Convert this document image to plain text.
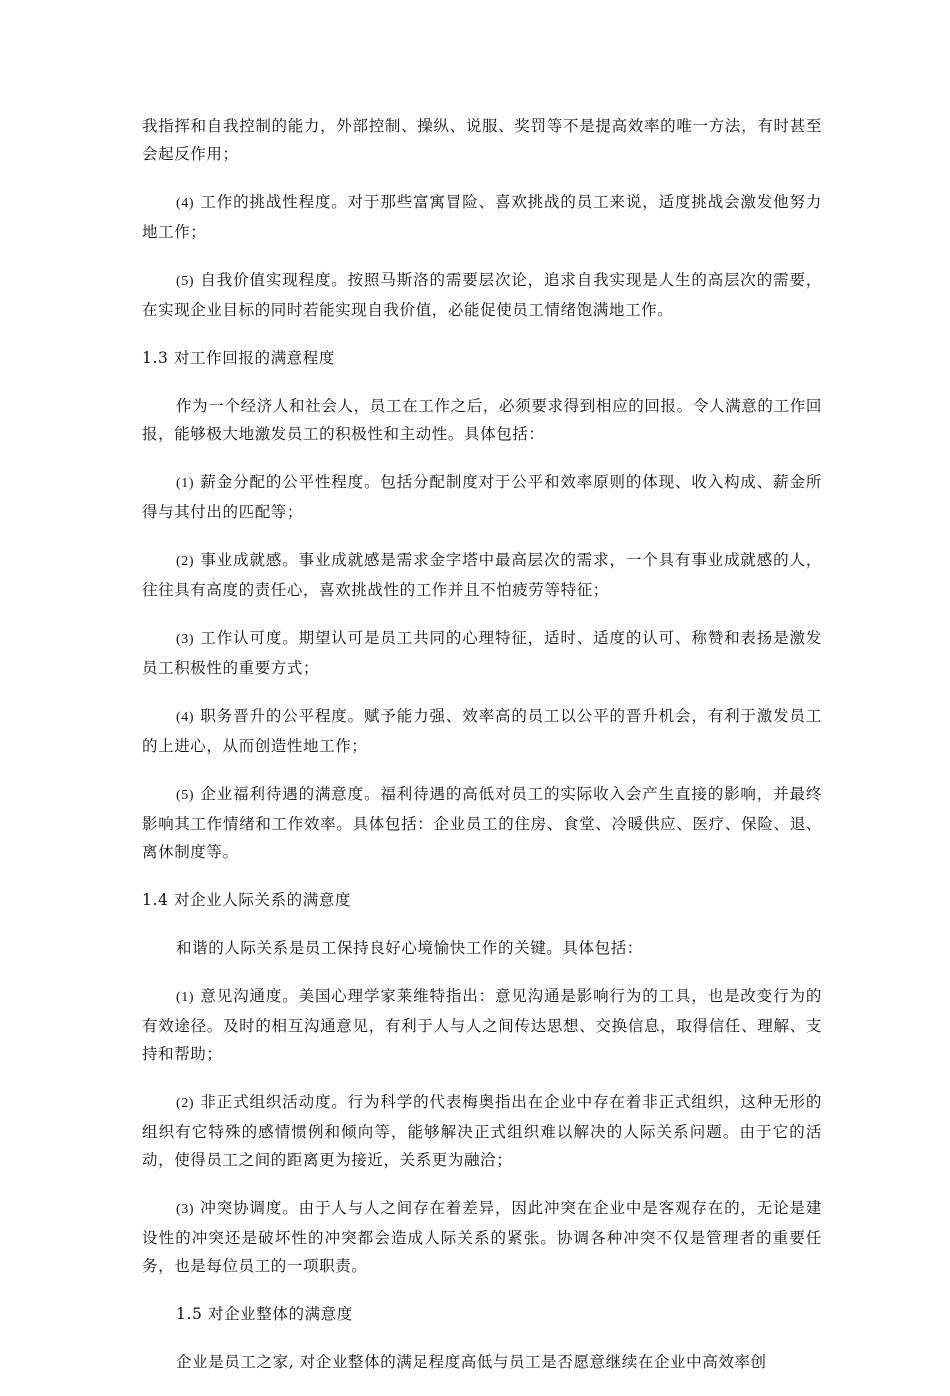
我指挥和自我控制的能力，外部控制、操纵、说服、奖罚等不是提高效率的唯一方法，有时甚至会起反作用；

(4) 工作的挑战性程度。对于那些富寓冒险、喜欢挑战的员工来说，适度挑战会激发他努力地工作；

(5) 自我价值实现程度。按照马斯洛的需要层次论，追求自我实现是人生的高层次的需要，在实现企业目标的同时若能实现自我价值，必能促使员工情绪饱满地工作。

1.3 对工作回报的满意程度

作为一个经济人和社会人，员工在工作之后，必须要求得到相应的回报。令人满意的工作回报，能够极大地激发员工的积极性和主动性。具体包括：

(1) 薪金分配的公平性程度。包括分配制度对于公平和效率原则的体现、收入构成、薪金所得与其付出的匹配等；

(2) 事业成就感。事业成就感是需求金字塔中最高层次的需求，一个具有事业成就感的人，往往具有高度的责任心，喜欢挑战性的工作并且不怕疲劳等特征；

(3) 工作认可度。期望认可是员工共同的心理特征，适时、适度的认可、称赞和表扬是激发员工积极性的重要方式；

(4) 职务晋升的公平程度。赋予能力强、效率高的员工以公平的晋升机会，有利于激发员工的上进心，从而创造性地工作；

(5) 企业福利待遇的满意度。福利待遇的高低对员工的实际收入会产生直接的影响，并最终影响其工作情绪和工作效率。具体包括：企业员工的住房、食堂、冷暖供应、医疗、保险、退、离休制度等。

1.4 对企业人际关系的满意度

和谐的人际关系是员工保持良好心境愉快工作的关键。具体包括：

(1) 意见沟通度。美国心理学家莱维特指出：意见沟通是影响行为的工具，也是改变行为的有效途径。及时的相互沟通意见，有利于人与人之间传达思想、交换信息，取得信任、理解、支持和帮助；

(2) 非正式组织活动度。行为科学的代表梅奥指出在企业中存在着非正式组织，这种无形的组织有它特殊的感情惯例和倾向等，能够解决正式组织难以解决的人际关系问题。由于它的活动，使得员工之间的距离更为接近，关系更为融洽；

(3) 冲突协调度。由于人与人之间存在着差异，因此冲突在企业中是客观存在的，无论是建设性的冲突还是破坏性的冲突都会造成人际关系的紧张。协调各种冲突不仅是管理者的重要任务，也是每位员工的一项职责。

1.5 对企业整体的满意度

企业是员工之家, 对企业整体的满足程度高低与员工是否愿意继续在企业中高效率创
